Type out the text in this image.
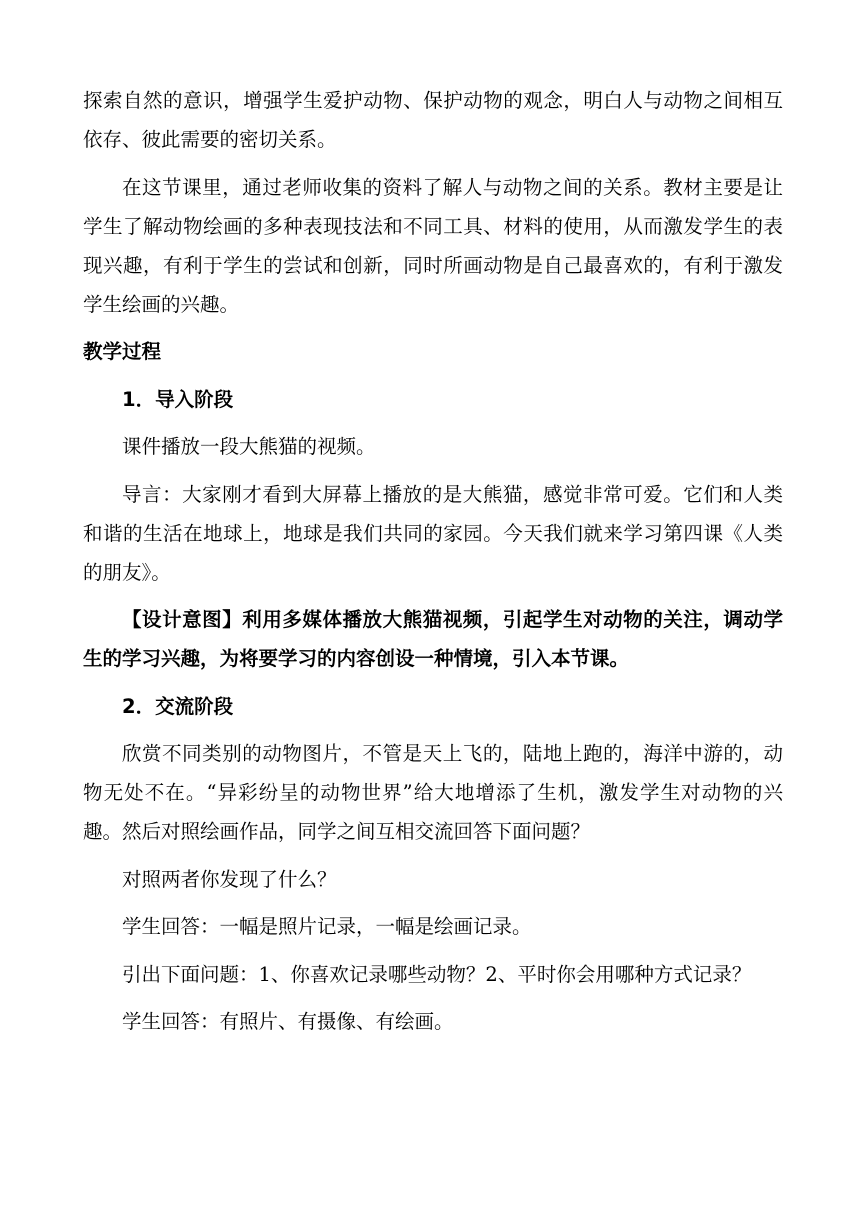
探索自然的意识，增强学生爱护动物、保护动物的观念，明白人与动物之间相互依存、彼此需要的密切关系。

在这节课里，通过老师收集的资料了解人与动物之间的关系。教材主要是让学生了解动物绘画的多种表现技法和不同工具、材料的使用，从而激发学生的表现兴趣，有利于学生的尝试和创新，同时所画动物是自己最喜欢的，有利于激发学生绘画的兴趣。

教学过程

1．导入阶段

课件播放一段大熊猫的视频。

导言：大家刚才看到大屏幕上播放的是大熊猫，感觉非常可爱。它们和人类和谐的生活在地球上，地球是我们共同的家园。今天我们就来学习第四课《人类的朋友》。

【设计意图】利用多媒体播放大熊猫视频，引起学生对动物的关注，调动学生的学习兴趣，为将要学习的内容创设一种情境，引入本节课。

2．交流阶段

欣赏不同类别的动物图片，不管是天上飞的，陆地上跑的，海洋中游的，动物无处不在。“异彩纷呈的动物世界”给大地增添了生机，激发学生对动物的兴趣。然后对照绘画作品，同学之间互相交流回答下面问题？

对照两者你发现了什么？

学生回答：一幅是照片记录，一幅是绘画记录。

引出下面问题：1、你喜欢记录哪些动物？2、平时你会用哪种方式记录？

学生回答：有照片、有摄像、有绘画。
